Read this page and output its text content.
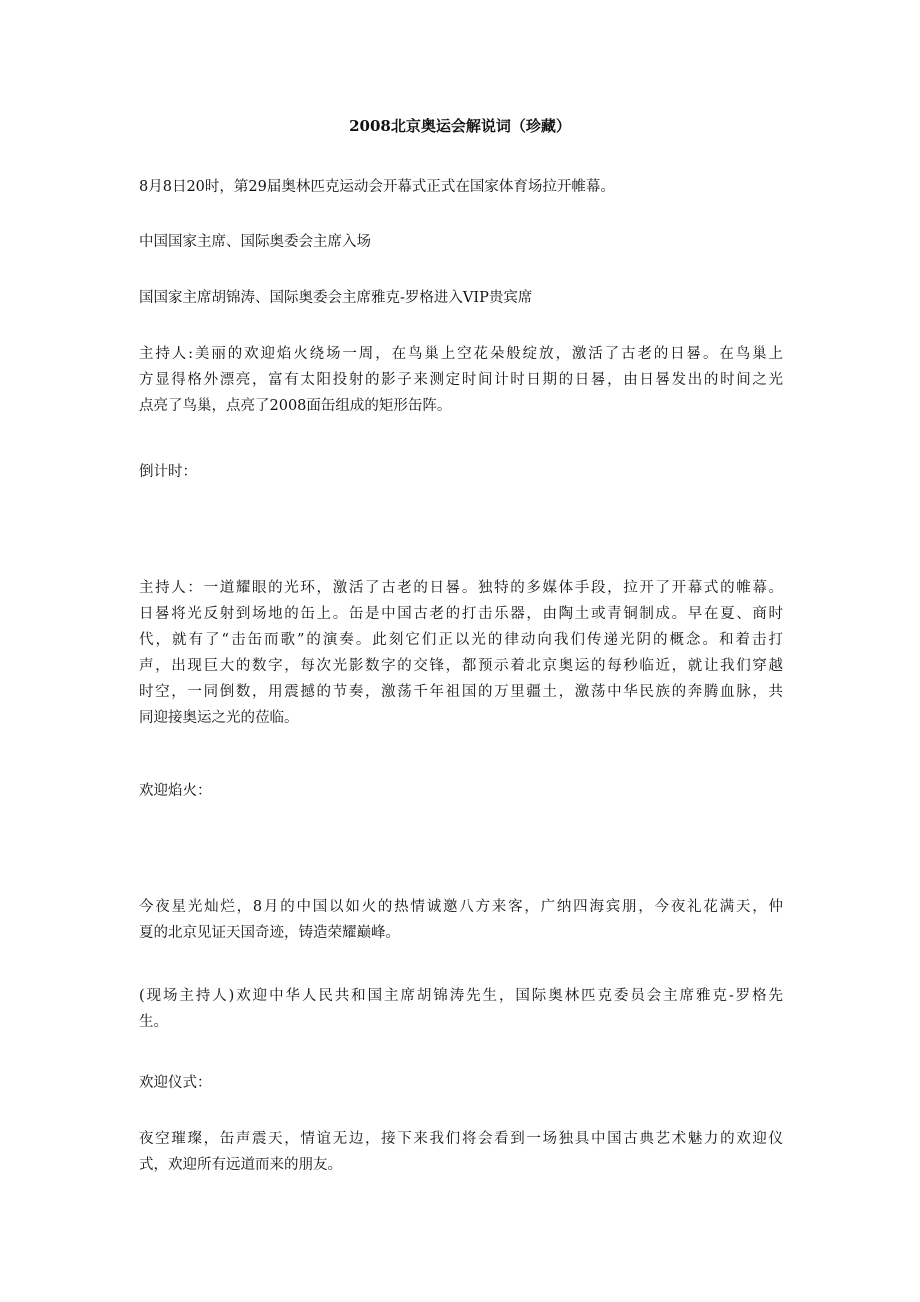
2008北京奥运会解说词（珍藏）
8月8日20时，第29届奥林匹克运动会开幕式正式在国家体育场拉开帷幕。
中国国家主席、国际奥委会主席入场
国国家主席胡锦涛、国际奥委会主席雅克-罗格进入VIP贵宾席
主持人:美丽的欢迎焰火绕场一周，在鸟巢上空花朵般绽放，激活了古老的日晷。在鸟巢上
方显得格外漂亮，富有太阳投射的影子来测定时间计时日期的日晷，由日晷发出的时间之光
点亮了鸟巢，点亮了2008面缶组成的矩形缶阵。
倒计时：
主持人：一道耀眼的光环，激活了古老的日晷。独特的多媒体手段，拉开了开幕式的帷幕。
日晷将光反射到场地的缶上。缶是中国古老的打击乐器，由陶土或青铜制成。早在夏、商时
代，就有了“击缶而歌”的演奏。此刻它们正以光的律动向我们传递光阴的概念。和着击打
声，出现巨大的数字，每次光影数字的交锋，都预示着北京奥运的每秒临近，就让我们穿越
时空，一同倒数，用震撼的节奏，激荡千年祖国的万里疆土，激荡中华民族的奔腾血脉，共
同迎接奥运之光的莅临。
欢迎焰火：
今夜星光灿烂，8月的中国以如火的热情诚邀八方来客，广纳四海宾朋，今夜礼花满天，仲
夏的北京见证天国奇迹，铸造荣耀巅峰。
(现场主持人)欢迎中华人民共和国主席胡锦涛先生，国际奥林匹克委员会主席雅克-罗格先
生。
欢迎仪式：
夜空璀璨，缶声震天，情谊无边，接下来我们将会看到一场独具中国古典艺术魅力的欢迎仪
式，欢迎所有远道而来的朋友。
